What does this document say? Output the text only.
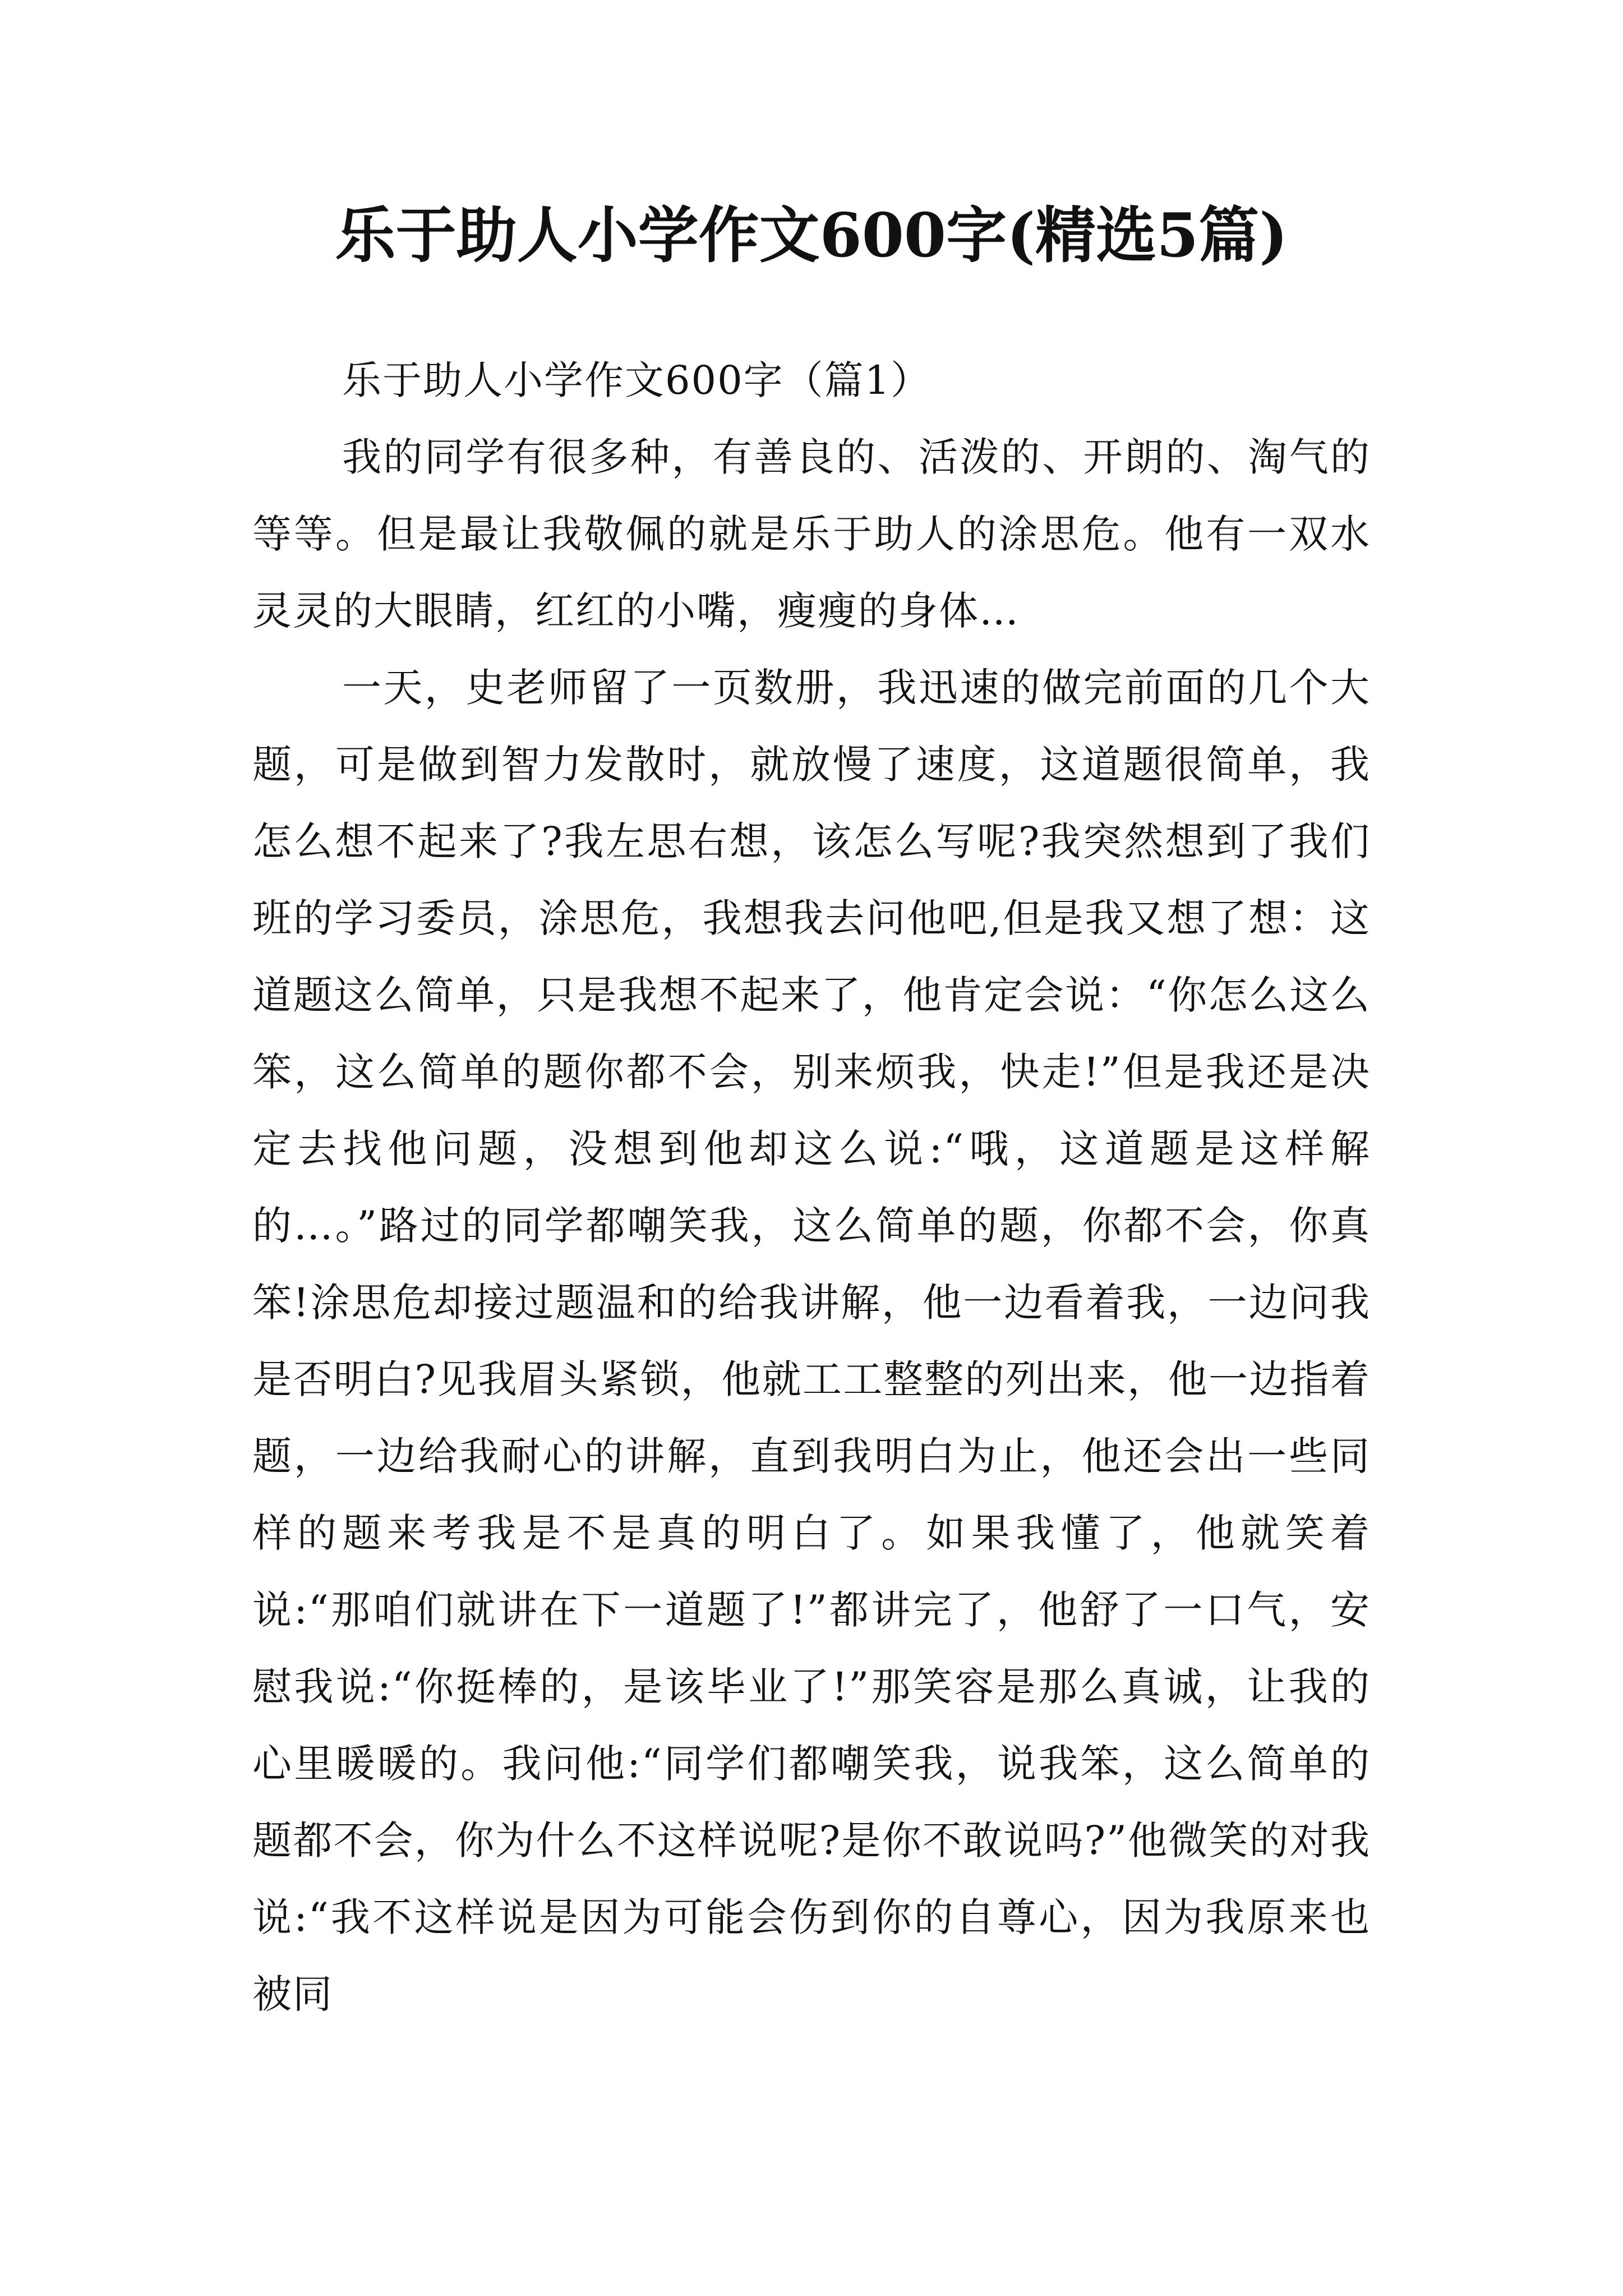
乐于助人小学作文600字(精选5篇)

乐于助人小学作文600字（篇1）

我的同学有很多种，有善良的、活泼的、开朗的、淘气的等等。但是最让我敬佩的就是乐于助人的涂思危。他有一双水灵灵的大眼睛，红红的小嘴，瘦瘦的身体…

一天，史老师留了一页数册，我迅速的做完前面的几个大题，可是做到智力发散时，就放慢了速度，这道题很简单，我怎么想不起来了?我左思右想，该怎么写呢?我突然想到了我们班的学习委员，涂思危，我想我去问他吧,但是我又想了想：这道题这么简单，只是我想不起来了，他肯定会说：“你怎么这么笨，这么简单的题你都不会，别来烦我，快走!”但是我还是决定去找他问题，没想到他却这么说:“哦，这道题是这样解的…。”路过的同学都嘲笑我，这么简单的题，你都不会，你真笨!涂思危却接过题温和的给我讲解，他一边看着我，一边问我是否明白?见我眉头紧锁，他就工工整整的列出来，他一边指着题，一边给我耐心的讲解，直到我明白为止，他还会出一些同样的题来考我是不是真的明白了。如果我懂了，他就笑着说:“那咱们就讲在下一道题了!”都讲完了，他舒了一口气，安慰我说:“你挺棒的，是该毕业了!”那笑容是那么真诚，让我的心里暖暖的。我问他:“同学们都嘲笑我，说我笨，这么简单的题都不会，你为什么不这样说呢?是你不敢说吗?”他微笑的对我说:“我不这样说是因为可能会伤到你的自尊心，因为我原来也被同
